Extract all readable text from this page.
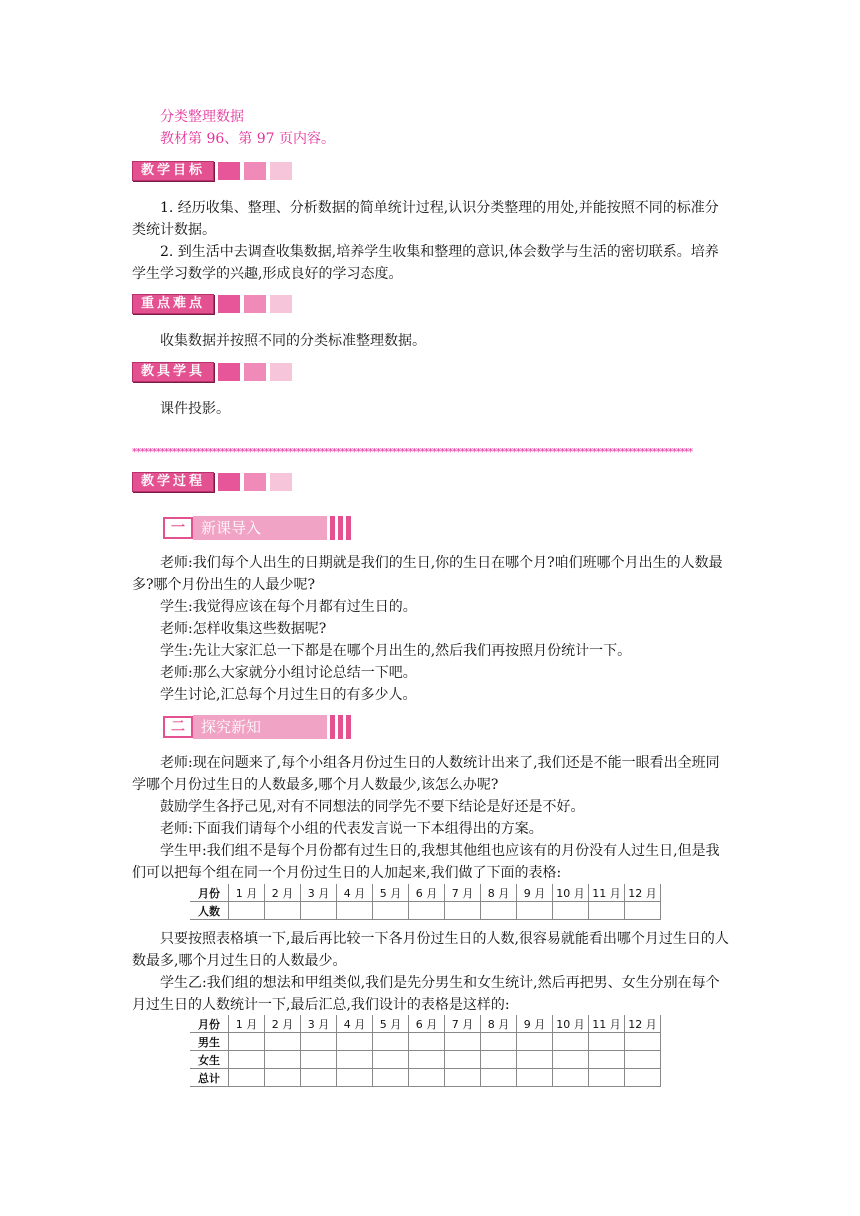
分类整理数据
教材第 96、第 97 页内容。
教学目标

1. 经历收集、整理、分析数据的简单统计过程,认识分类整理的用处,并能按照不同的标准分类统计数据。

2. 到生活中去调查收集数据,培养学生收集和整理的意识,体会数学与生活的密切联系。培养学生学习数学的兴趣,形成良好的学习态度。

重点难点

收集数据并按照不同的分类标准整理数据。

教具学具

课件投影。

********************************************************************************************************************************************
教学过程
一	新课导入

老师:我们每个人出生的日期就是我们的生日,你的生日在哪个月?咱们班哪个月出生的人数最多?哪个月份出生的人最少呢?

学生:我觉得应该在每个月都有过生日的。

老师:怎样收集这些数据呢?

学生:先让大家汇总一下都是在哪个月出生的,然后我们再按照月份统计一下。

老师:那么大家就分小组讨论总结一下吧。

学生讨论,汇总每个月过生日的有多少人。

二	探究新知

老师:现在问题来了,每个小组各月份过生日的人数统计出来了,我们还是不能一眼看出全班同学哪个月份过生日的人数最多,哪个月人数最少,该怎么办呢?

鼓励学生各抒己见,对有不同想法的同学先不要下结论是好还是不好。

老师:下面我们请每个小组的代表发言说一下本组得出的方案。

学生甲:我们组不是每个月份都有过生日的,我想其他组也应该有的月份没有人过生日,但是我们可以把每个组在同一个月份过生日的人加起来,我们做了下面的表格:

月份	1 月	2 月	3 月	4 月	5 月	6 月	7 月	8 月	9 月	10 月	11 月	12 月
人数												

只要按照表格填一下,最后再比较一下各月份过生日的人数,很容易就能看出哪个月过生日的人数最多,哪个月过生日的人数最少。

学生乙:我们组的想法和甲组类似,我们是先分男生和女生统计,然后再把男、女生分别在每个月过生日的人数统计一下,最后汇总,我们设计的表格是这样的:

月份	1 月	2 月	3 月	4 月	5 月	6 月	7 月	8 月	9 月	10 月	11 月	12 月
男生												
女生												
总计												
